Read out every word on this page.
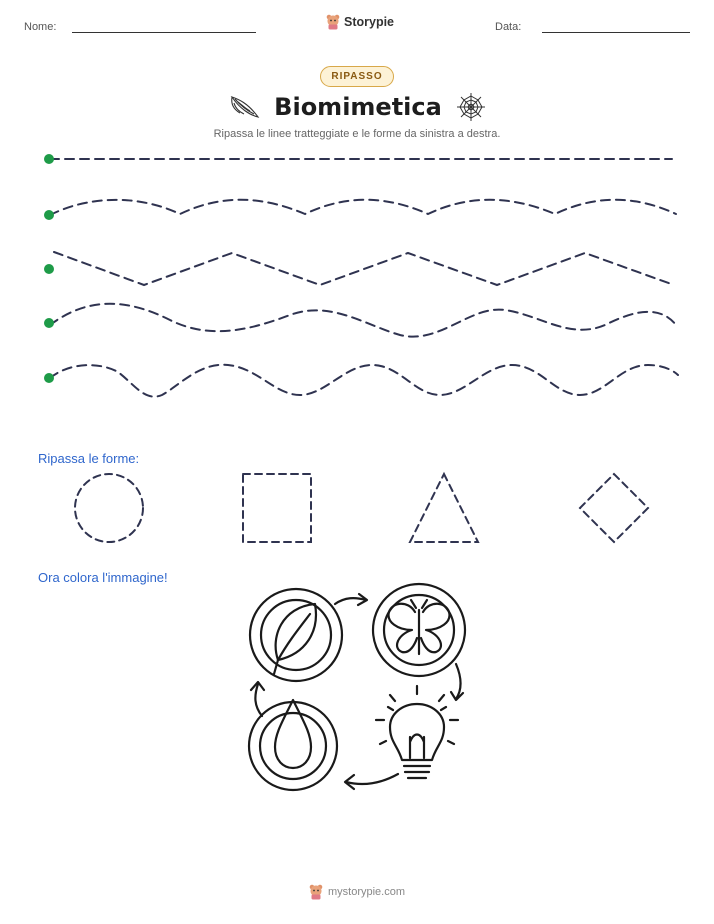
Nome:	Storypie	Data:
RIPASSO
Biomimetica
Ripassa le linee tratteggiate e le forme da sinistra a destra.
Ripassa le forme:
Ora colora l'immagine!
mystorypie.com
